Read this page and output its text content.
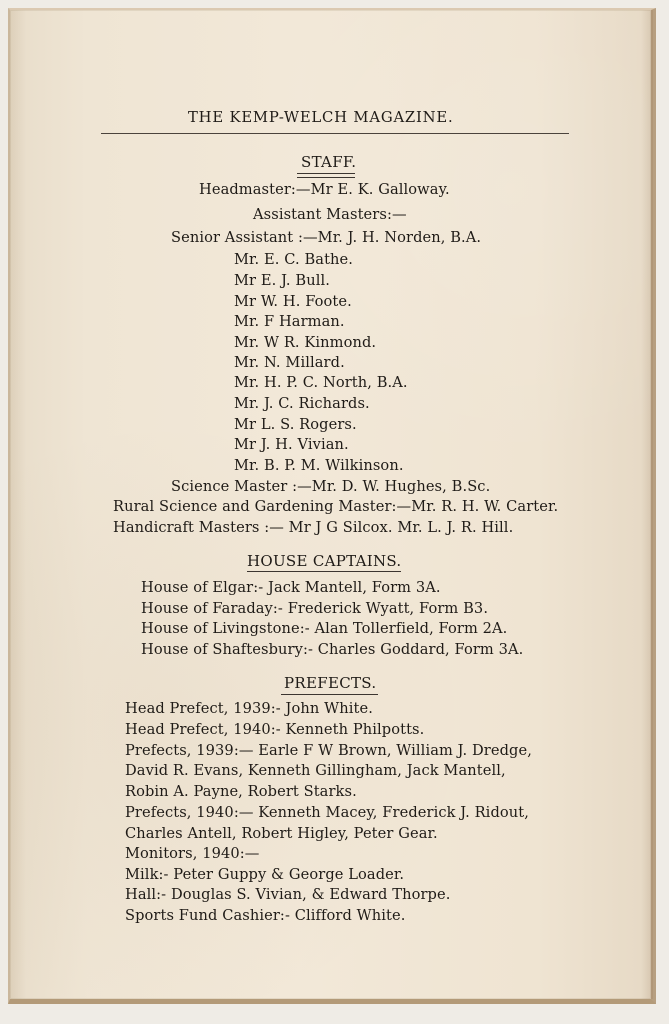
THE KEMP-WELCH MAGAZINE.
STAFF.
Headmaster:—Mr E. K. Galloway.
Assistant Masters:—
Senior Assistant :—Mr. J. H. Norden, B.A.
Mr. E. C. Bathe.
Mr E. J. Bull.
Mr W. H. Foote.
Mr. F Harman.
Mr. W R. Kinmond.
Mr. N. Millard.
Mr. H. P. C. North, B.A.
Mr. J. C. Richards.
Mr L. S. Rogers.
Mr J. H. Vivian.
Mr. B. P. M. Wilkinson.
Science Master :—Mr. D. W. Hughes, B.Sc.
Rural Science and Gardening Master:—Mr. R. H. W. Carter.
Handicraft Masters :— Mr J G Silcox. Mr. L. J. R. Hill.
HOUSE CAPTAINS.
House of Elgar:- Jack Mantell, Form 3A.
House of Faraday:- Frederick Wyatt, Form B3.
House of Livingstone:- Alan Tollerfield, Form 2A.
House of Shaftesbury:- Charles Goddard, Form 3A.
PREFECTS.
Head Prefect, 1939:- John White.
Head Prefect, 1940:- Kenneth Philpotts.
Prefects, 1939:— Earle F W Brown, William J. Dredge,
David R. Evans, Kenneth Gillingham, Jack Mantell,
Robin A. Payne, Robert Starks.
Prefects, 1940:— Kenneth Macey, Frederick J. Ridout,
Charles Antell, Robert Higley, Peter Gear.
Monitors, 1940:—
Milk:- Peter Guppy & George Loader.
Hall:- Douglas S. Vivian, & Edward Thorpe.
Sports Fund Cashier:- Clifford White.
